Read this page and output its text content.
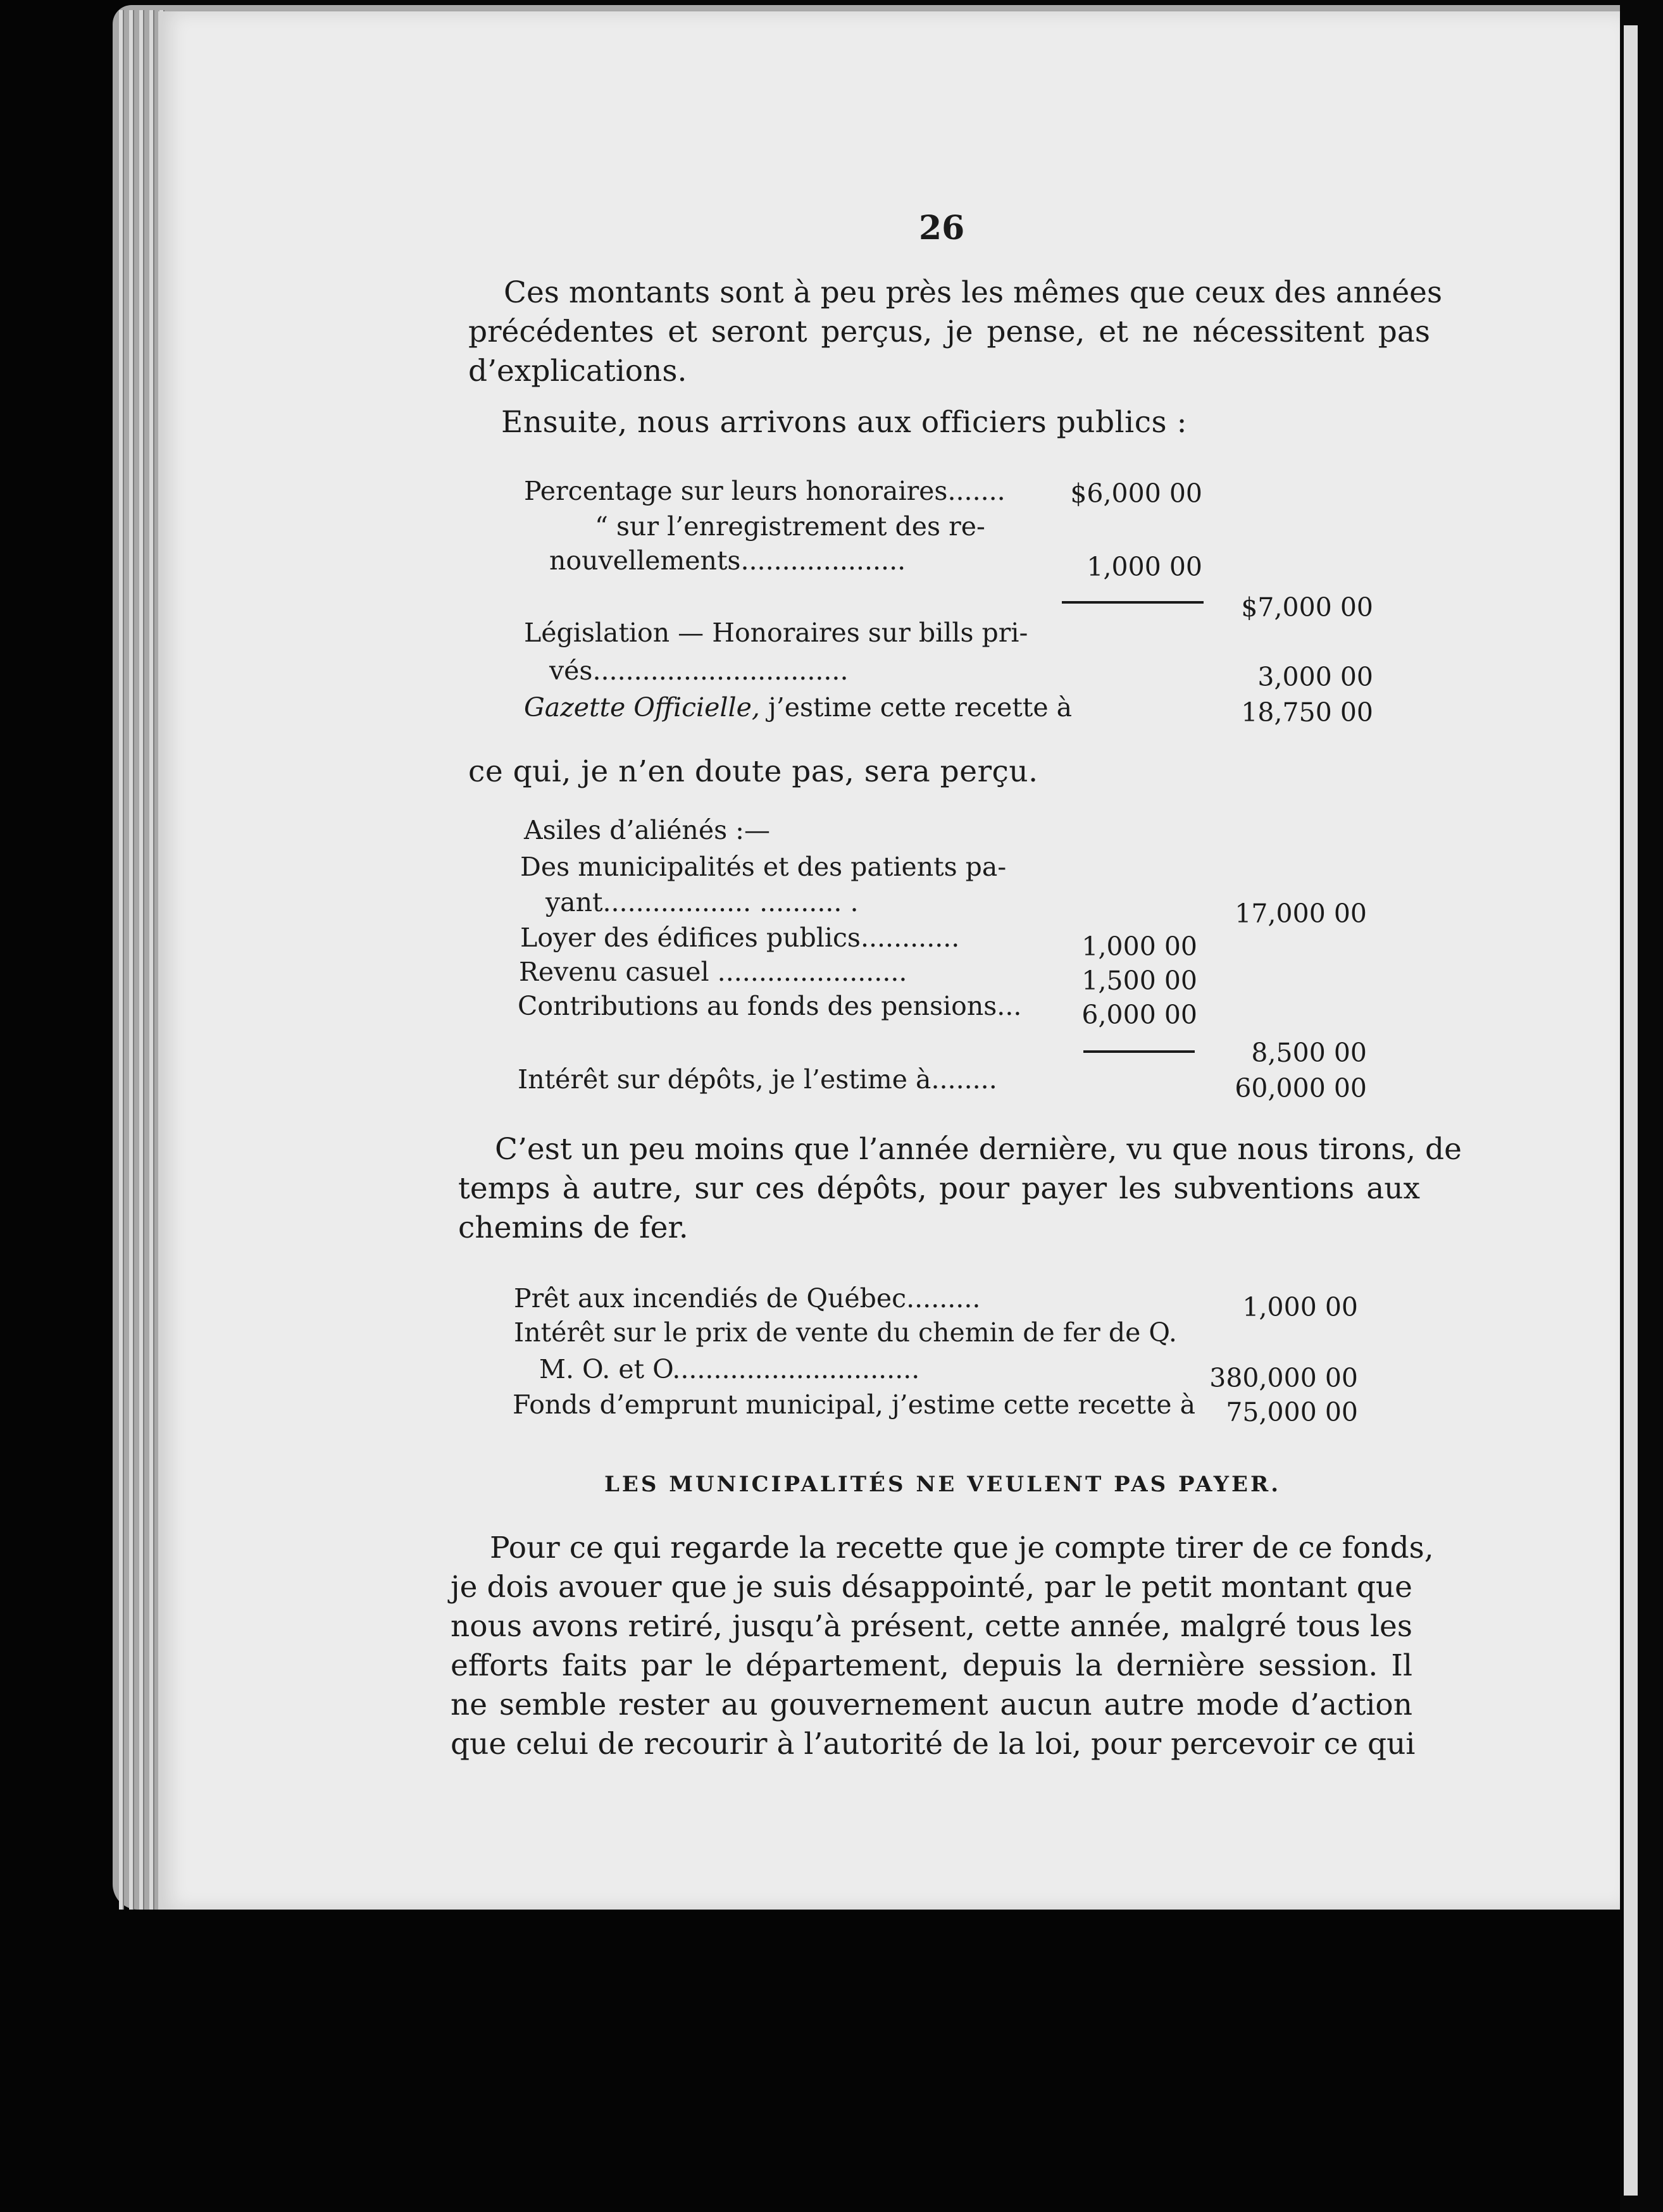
26
Ces montants sont à peu près les mêmes que ceux des années
précédentes et seront perçus, je pense, et ne nécessitent pas
d’explications.
Ensuite, nous arrivons aux officiers publics :
Percentage sur leurs honoraires.......	$6,000 00
“ sur l’enregistrement des re-
nouvellements....................	1,000 00
$7,000 00
Législation — Honoraires sur bills pri-
vés...............................	3,000 00
Gazette Officielle, j’estime cette recette à	18,750 00
ce qui, je n’en doute pas, sera perçu.
Asiles d’aliénés :—
Des municipalités et des patients pa-
yant.................. .......... .	17,000 00
Loyer des édifices publics............	1,000 00
Revenu casuel .......................	1,500 00
Contributions au fonds des pensions...	6,000 00
8,500 00
Intérêt sur dépôts, je l’estime à........	60,000 00
C’est un peu moins que l’année dernière, vu que nous tirons, de
temps à autre, sur ces dépôts, pour payer les subventions aux
chemins de fer.
Prêt aux incendiés de Québec.........	1,000 00
Intérêt sur le prix de vente du chemin de fer de Q.
M. O. et O..............................	380,000 00
Fonds d’emprunt municipal, j’estime cette recette à	75,000 00
LES MUNICIPALITÉS NE VEULENT PAS PAYER.
Pour ce qui regarde la recette que je compte tirer de ce fonds,
je dois avouer que je suis désappointé, par le petit montant que
nous avons retiré, jusqu’à présent, cette année, malgré tous les
efforts faits par le département, depuis la dernière session. Il
ne semble rester au gouvernement aucun autre mode d’action
que celui de recourir à l’autorité de la loi, pour percevoir ce qui
